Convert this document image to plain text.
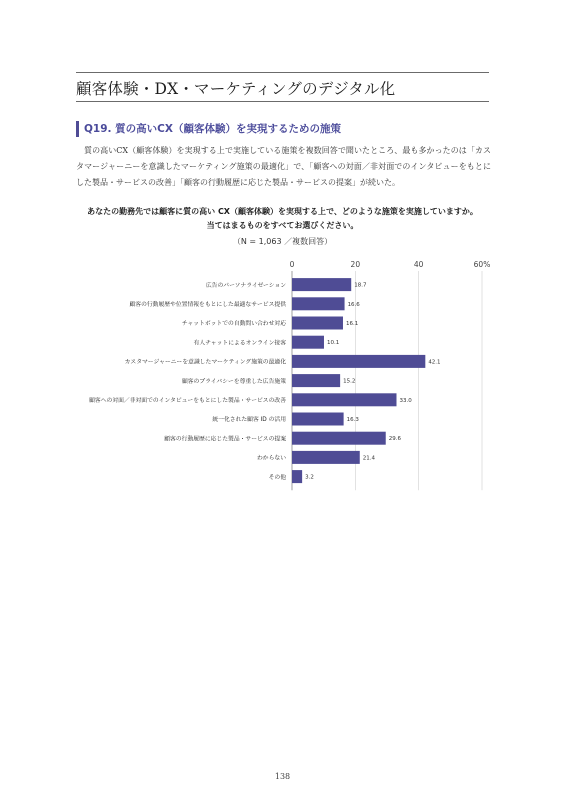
顧客体験・DX・マーケティングのデジタル化
Q19. 質の高いCX（顧客体験）を実現するための施策

質の高いCX（顧客体験）を実現する上で実施している施策を複数回答で聞いたところ、最も多かったのは「カスタマージャーニーを意識したマーケティング施策の最適化」で、「顧客への対面／非対面でのインタビューをもとにした製品・サービスの改善」「顧客の行動履歴に応じた製品・サービスの提案」が続いた。

あなたの勤務先では顧客に質の高い CX（顧客体験）を実現する上で、どのような施策を実施していますか。
当てはまるものをすべてお選びください。

（N = 1,063 ／複数回答）
0	20	40	60%
広告のパーソナライゼーション	18.7
顧客の行動履歴や位置情報をもとにした最適なサービス提供	16.6
チャットボットでの自動問い合わせ対応	16.1
有人チャットによるオンライン接客	10.1
カスタマージャーニーを意識したマーケティング施策の最適化	42.1
顧客のプライバシーを尊重した広告施策	15.2
顧客への対面／非対面でのインタビューをもとにした製品・サービスの改善	33.0
統一化された顧客 ID の活用	16.3
顧客の行動履歴に応じた製品・サービスの提案	29.6
わからない	21.4
その他	3.2
138
